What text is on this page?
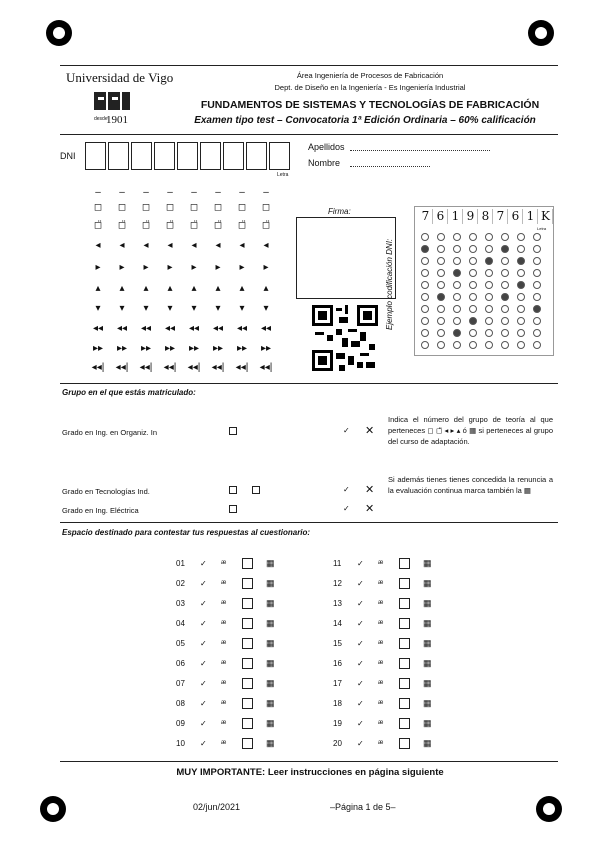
Universidad de Vigo
desde
1901
Área Ingeniería de Procesos de Fabricación
Dept. de Diseño en la Ingeniería - Es Ingeniería Industrial
FUNDAMENTOS DE SISTEMAS Y TECNOLOGÍAS DE FABRICACIÓN
Examen tipo test – Convocatoria 1ª Edición Ordinaria – 60% calificación
DNI
Letra
Apellidos
Nombre
–	–	–	–	–	–	–	–
◻ ◻ ◻ ◻ ◻ ◻ ◻ ◻
◻̈ ◻̈ ◻̈ ◻̈ ◻̈ ◻̈ ◻̈ ◻̈
◂	◂	◂	◂	◂	◂	◂	◂
▸	▸	▸	▸	▸	▸	▸	▸
▴	▴	▴	▴	▴	▴	▴	▴
▾	▾	▾	▾	▾	▾	▾	▾
◂◂ ◂◂ ◂◂ ◂◂ ◂◂ ◂◂ ◂◂ ◂◂
▸▸ ▸▸ ▸▸ ▸▸ ▸▸ ▸▸ ▸▸ ▸▸
◂◂| ◂◂| ◂◂| ◂◂| ◂◂| ◂◂| ◂◂| ◂◂|
Firma:
Ejemplo codificación DNI:
7 6 1 9 8 7 6 1 K
Letra
Grupo en el que estás matriculado:
Grado en Ing. en Organiz. In	✓ ✕
Grado en Tecnologías Ind.	✓ ✕
Grado en Ing. Eléctrica	✓ ✕
Indica el número del grupo de teoría al que perteneces ◻ ◻̈ ◂ ▸ ▴ ó ▦ si perteneces al grupo del curso de adaptación.
Si además tienes tienes concedida la renuncia a la evaluación continua marca también la ▦
Espacio destinado para contestar tus respuestas al cuestionario:
01	✓ æ	▦
02	✓ æ	▦
03	✓ æ	▦
04	✓ æ	▦
05	✓ æ	▦
06	✓ æ	▦
07	✓ æ	▦
08	✓ æ	▦
09	✓ æ	▦
10	✓ æ	▦
11	✓ æ	▦
12	✓ æ	▦
13	✓ æ	▦
14	✓ æ	▦
15	✓ æ	▦
16	✓ æ	▦
17	✓ æ	▦
18	✓ æ	▦
19	✓ æ	▦
20	✓ æ	▦
MUY IMPORTANTE: Leer instrucciones en página siguiente
02/jun/2021	–Página 1 de 5–
